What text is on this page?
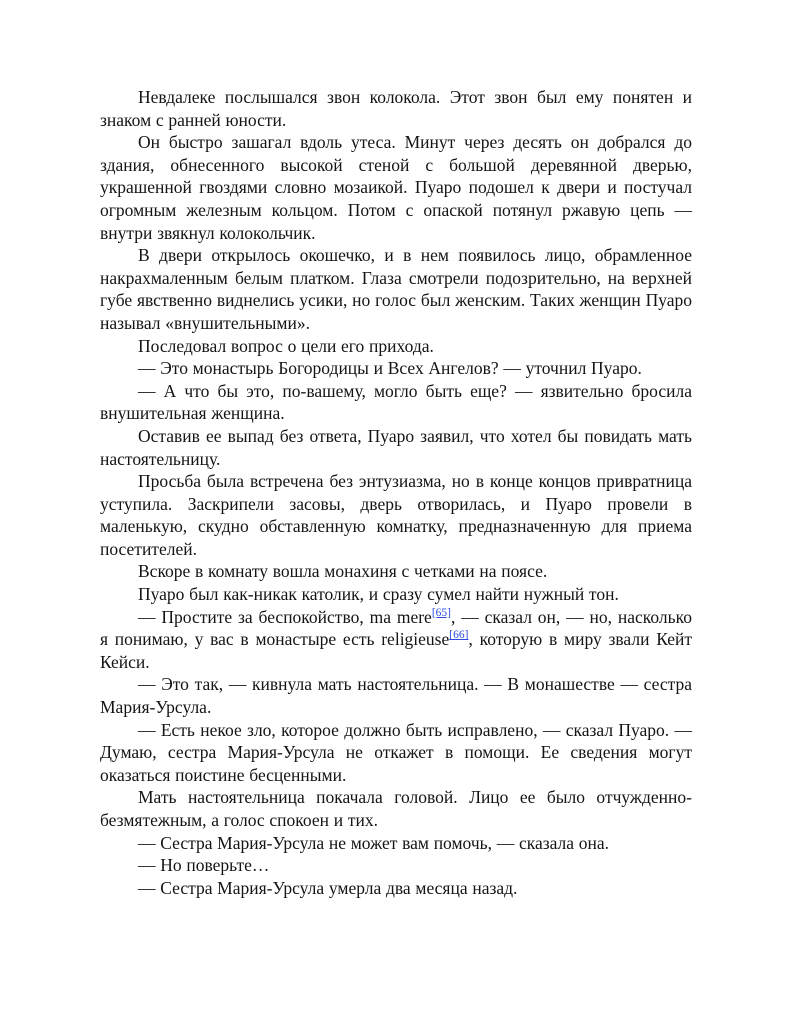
Невдалеке послышался звон колокола. Этот звон был ему понятен и знаком с ранней юности.

Он быстро зашагал вдоль утеса. Минут через десять он добрался до здания, обнесенного высокой стеной с большой деревянной дверью, украшенной гвоздями словно мозаикой. Пуаро подошел к двери и постучал огромным железным кольцом. Потом с опаской потянул ржавую цепь — внутри звякнул колокольчик.

В двери открылось окошечко, и в нем появилось лицо, обрамленное накрахмаленным белым платком. Глаза смотрели подозрительно, на верхней губе явственно виднелись усики, но голос был женским. Таких женщин Пуаро называл «внушительными».

Последовал вопрос о цели его прихода.

— Это монастырь Богородицы и Всех Ангелов? — уточнил Пуаро.

— А что бы это, по-вашему, могло быть еще? — язвительно бросила внушительная женщина.

Оставив ее выпад без ответа, Пуаро заявил, что хотел бы повидать мать настоятельницу.

Просьба была встречена без энтузиазма, но в конце концов привратница уступила. Заскрипели засовы, дверь отворилась, и Пуаро провели в маленькую, скудно обставленную комнатку, предназначенную для приема посетителей.

Вскоре в комнату вошла монахиня с четками на поясе.

Пуаро был как-никак католик, и сразу сумел найти нужный тон.

— Простите за беспокойство, ma mere[65], — сказал он, — но, насколько я понимаю, у вас в монастыре есть religieuse[66], которую в миру звали Кейт Кейси.

— Это так, — кивнула мать настоятельница. — В монашестве — сестра Мария-Урсула.

— Есть некое зло, которое должно быть исправлено, — сказал Пуаро. — Думаю, сестра Мария-Урсула не откажет в помощи. Ее сведения могут оказаться поистине бесценными.

Мать настоятельница покачала головой. Лицо ее было отчужденно-безмятежным, а голос спокоен и тих.

— Сестра Мария-Урсула не может вам помочь, — сказала она.

— Но поверьте…

— Сестра Мария-Урсула умерла два месяца назад.
